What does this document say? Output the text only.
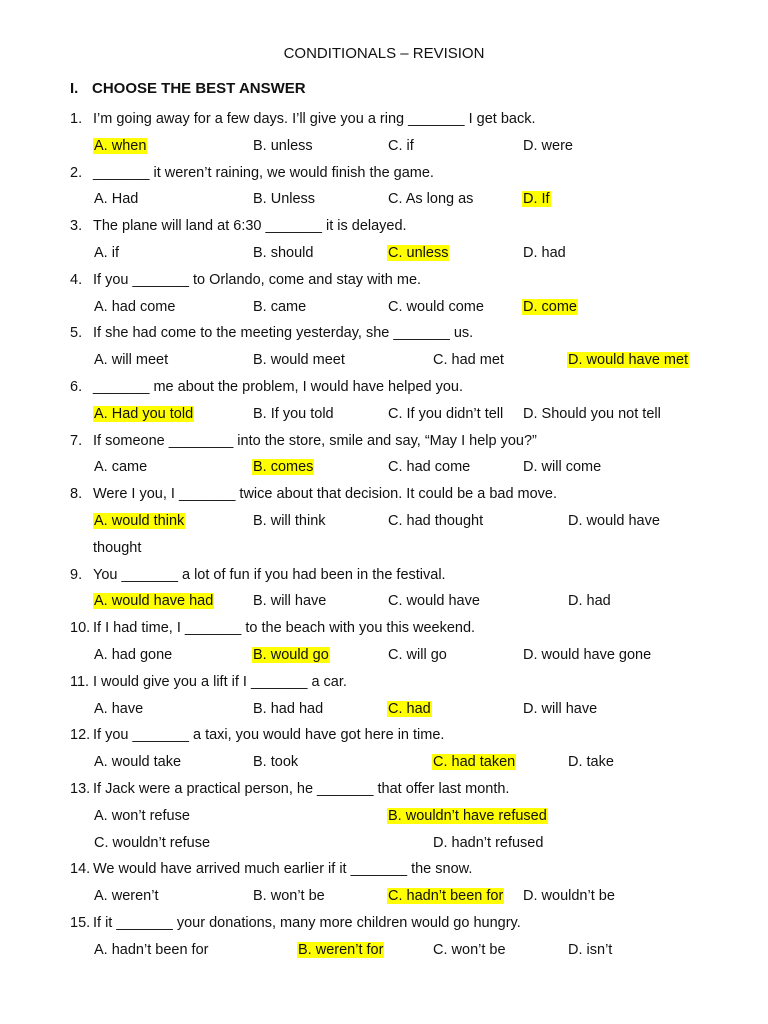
CONDITIONALS – REVISION
I. CHOOSE THE BEST ANSWER
1. I’m going away for a few days. I’ll give you a ring _______ I get back.
A. when	B. unless	C. if	D. were
2. _______ it weren’t raining, we would finish the game.
A. Had	B. Unless	C. As long as	D. If
3. The plane will land at 6:30 _______ it is delayed.
A. if	B. should	C. unless	D. had
4. If you _______ to Orlando, come and stay with me.
A. had come	B. came	C. would come	D. come
5. If she had come to the meeting yesterday, she _______ us.
A. will meet	B. would meet	C. had met	D. would have met
6. _______ me about the problem, I would have helped you.
A. Had you told	B. If you told	C. If you didn’t tell D. Should you not tell
7. If someone ________ into the store, smile and say, “May I help you?”
A. came	B. comes	C. had come	D. will come
8. Were I you, I _______ twice about that decision. It could be a bad move.
A. would think	B. will think	C. had thought	D. would have
thought
9. You _______ a lot of fun if you had been in the festival.
A. would have had	B. will have	C. would have	D. had
10. If I had time, I _______ to the beach with you this weekend.
A. had gone	B. would go	C. will go	D. would have gone
11. I would give you a lift if I _______ a car.
A. have	B. had had	C. had	D. will have
12. If you _______ a taxi, you would have got here in time.
A. would take	B. took	C. had taken	D. take
13. If Jack were a practical person, he _______ that offer last month.
A. won’t refuse	B. wouldn’t have refused
C. wouldn’t refuse	D. hadn’t refused
14. We would have arrived much earlier if it _______ the snow.
A. weren’t	B. won’t be	C. hadn’t been for D. wouldn’t be
15. If it _______ your donations, many more children would go hungry.
A. hadn’t been for	B. weren’t for	C. won’t be	D. isn’t
